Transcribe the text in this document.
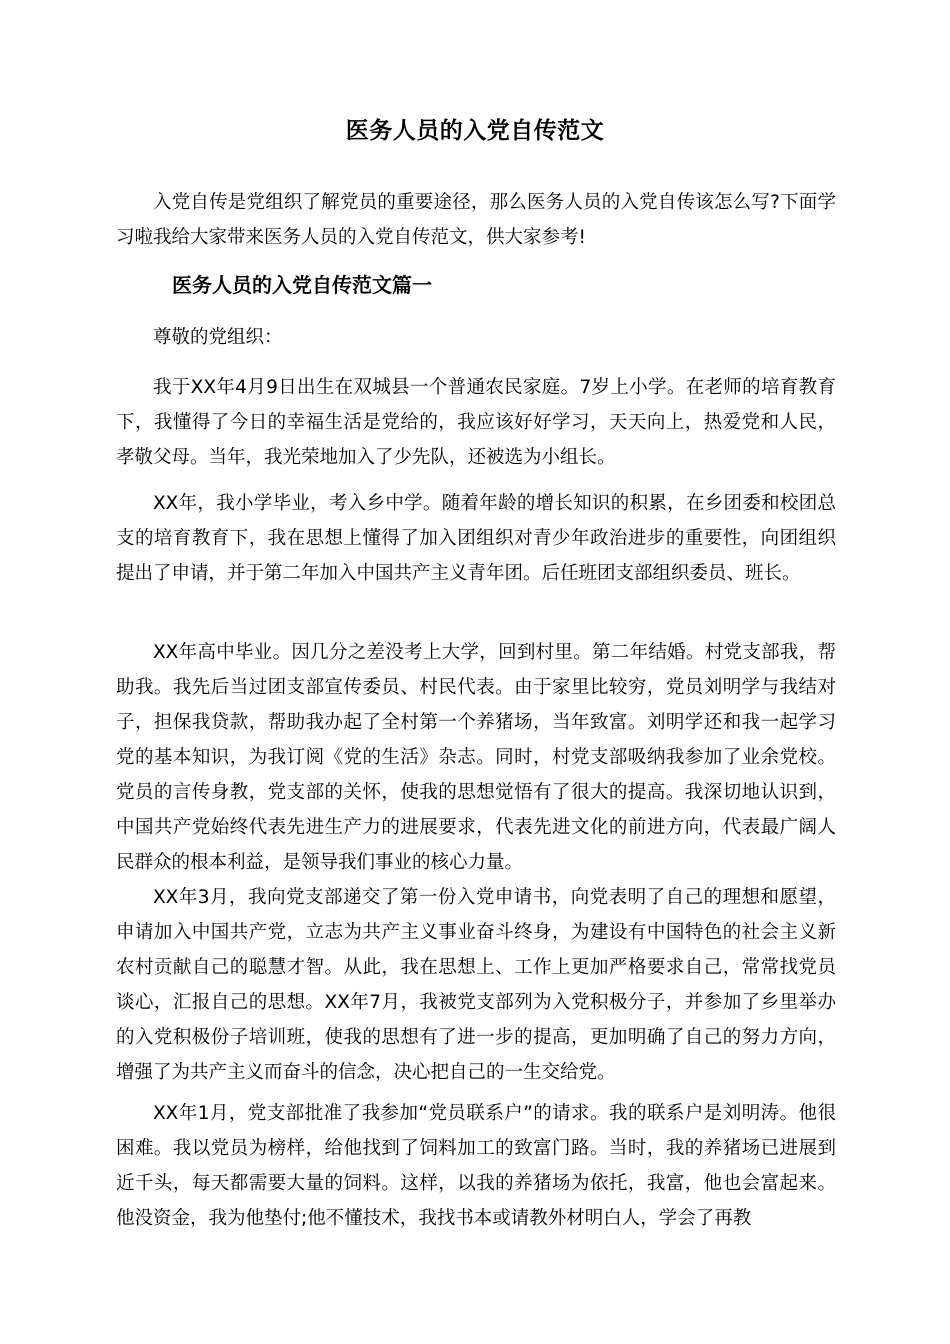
医务人员的入党自传范文

入党自传是党组织了解党员的重要途径，那么医务人员的入党自传该怎么写?下面学习啦我给大家带来医务人员的入党自传范文，供大家参考!

医务人员的入党自传范文篇一

尊敬的党组织：

我于XX年4月9日出生在双城县一个普通农民家庭。7岁上小学。在老师的培育教育下，我懂得了今日的幸福生活是党给的，我应该好好学习，天天向上，热爱党和人民，孝敬父母。当年，我光荣地加入了少先队，还被选为小组长。

XX年，我小学毕业，考入乡中学。随着年龄的增长知识的积累，在乡团委和校团总支的培育教育下，我在思想上懂得了加入团组织对青少年政治进步的重要性，向团组织提出了申请，并于第二年加入中国共产主义青年团。后任班团支部组织委员、班长。

XX年高中毕业。因几分之差没考上大学，回到村里。第二年结婚。村党支部我，帮助我。我先后当过团支部宣传委员、村民代表。由于家里比较穷，党员刘明学与我结对子，担保我贷款，帮助我办起了全村第一个养猪场，当年致富。刘明学还和我一起学习党的基本知识，为我订阅《党的生活》杂志。同时，村党支部吸纳我参加了业余党校。党员的言传身教，党支部的关怀，使我的思想觉悟有了很大的提高。我深切地认识到，中国共产党始终代表先进生产力的进展要求，代表先进文化的前进方向，代表最广阔人民群众的根本利益，是领导我们事业的核心力量。

XX年3月，我向党支部递交了第一份入党申请书，向党表明了自己的理想和愿望，申请加入中国共产党，立志为共产主义事业奋斗终身，为建设有中国特色的社会主义新农村贡献自己的聪慧才智。从此，我在思想上、工作上更加严格要求自己，常常找党员谈心，汇报自己的思想。XX年7月，我被党支部列为入党积极分子，并参加了乡里举办的入党积极份子培训班，使我的思想有了进一步的提高，更加明确了自己的努力方向，增强了为共产主义而奋斗的信念，决心把自己的一生交给党。

XX年1月，党支部批准了我参加“党员联系户”的请求。我的联系户是刘明涛。他很困难。我以党员为榜样，给他找到了饲料加工的致富门路。当时，我的养猪场已进展到近千头，每天都需要大量的饲料。这样，以我的养猪场为依托，我富，他也会富起来。他没资金，我为他垫付;他不懂技术，我找书本或请教外材明白人，学会了再教
